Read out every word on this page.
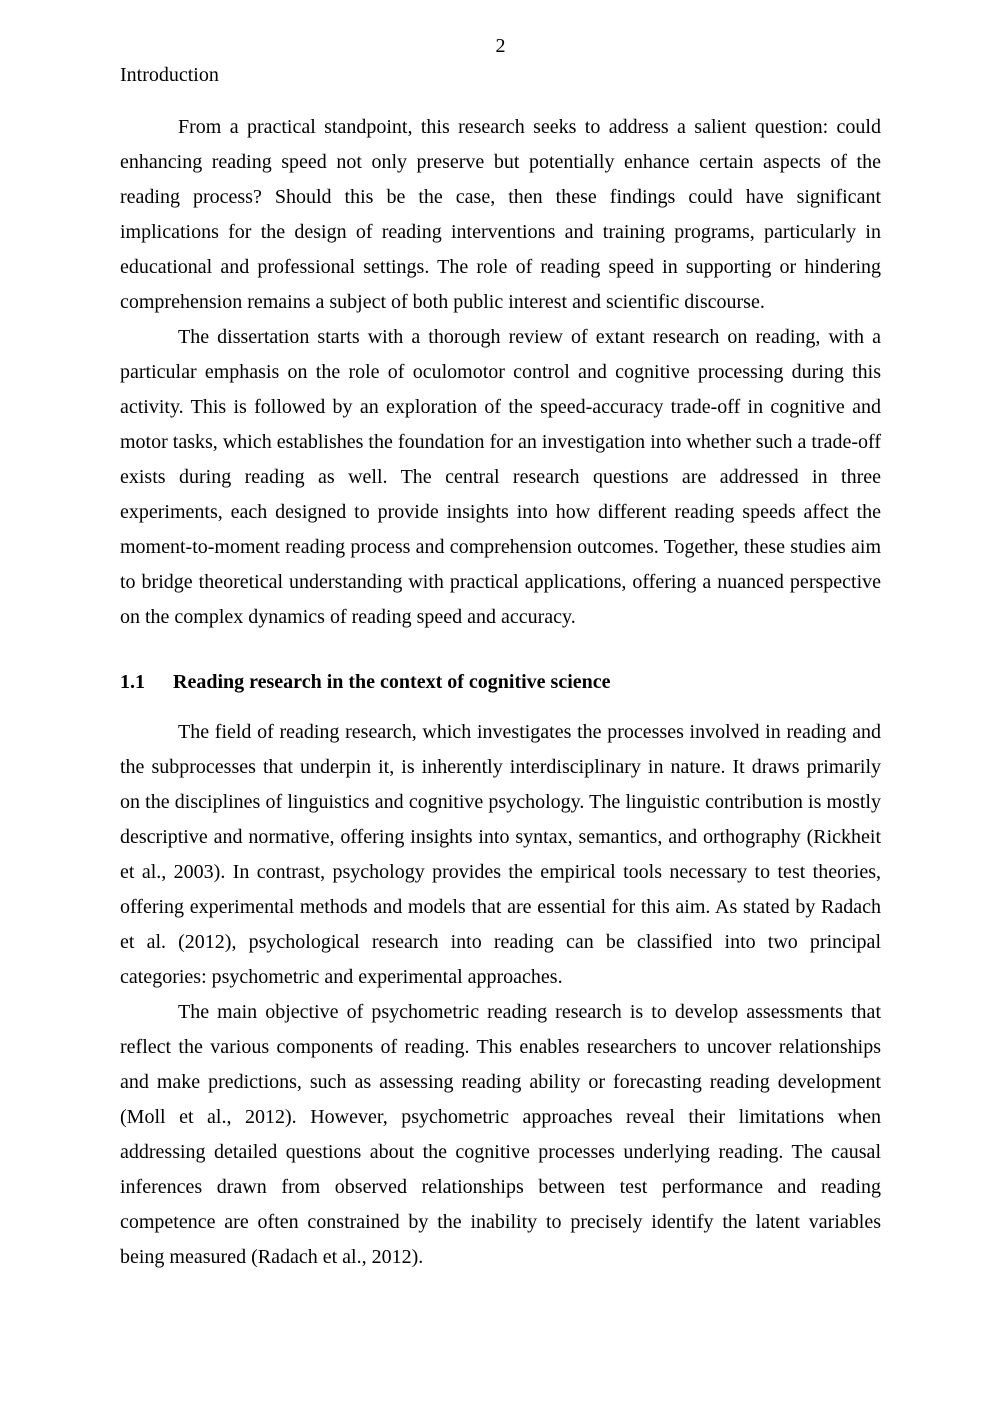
2
Introduction

From a practical standpoint, this research seeks to address a salient question: could enhancing reading speed not only preserve but potentially enhance certain aspects of the reading process? Should this be the case, then these findings could have significant implications for the design of reading interventions and training programs, particularly in educational and professional settings. The role of reading speed in supporting or hindering comprehension remains a subject of both public interest and scientific discourse.

The dissertation starts with a thorough review of extant research on reading, with a particular emphasis on the role of oculomotor control and cognitive processing during this activity. This is followed by an exploration of the speed-accuracy trade-off in cognitive and motor tasks, which establishes the foundation for an investigation into whether such a trade-off exists during reading as well. The central research questions are addressed in three experiments, each designed to provide insights into how different reading speeds affect the moment-to-moment reading process and comprehension outcomes. Together, these studies aim to bridge theoretical understanding with practical applications, offering a nuanced perspective on the complex dynamics of reading speed and accuracy.

1.1 Reading research in the context of cognitive science

The field of reading research, which investigates the processes involved in reading and the subprocesses that underpin it, is inherently interdisciplinary in nature. It draws primarily on the disciplines of linguistics and cognitive psychology. The linguistic contribution is mostly descriptive and normative, offering insights into syntax, semantics, and orthography (Rickheit et al., 2003). In contrast, psychology provides the empirical tools necessary to test theories, offering experimental methods and models that are essential for this aim. As stated by Radach et al. (2012), psychological research into reading can be classified into two principal categories: psychometric and experimental approaches.

The main objective of psychometric reading research is to develop assessments that reflect the various components of reading. This enables researchers to uncover relationships and make predictions, such as assessing reading ability or forecasting reading development (Moll et al., 2012). However, psychometric approaches reveal their limitations when addressing detailed questions about the cognitive processes underlying reading. The causal inferences drawn from observed relationships between test performance and reading competence are often constrained by the inability to precisely identify the latent variables being measured (Radach et al., 2012).
